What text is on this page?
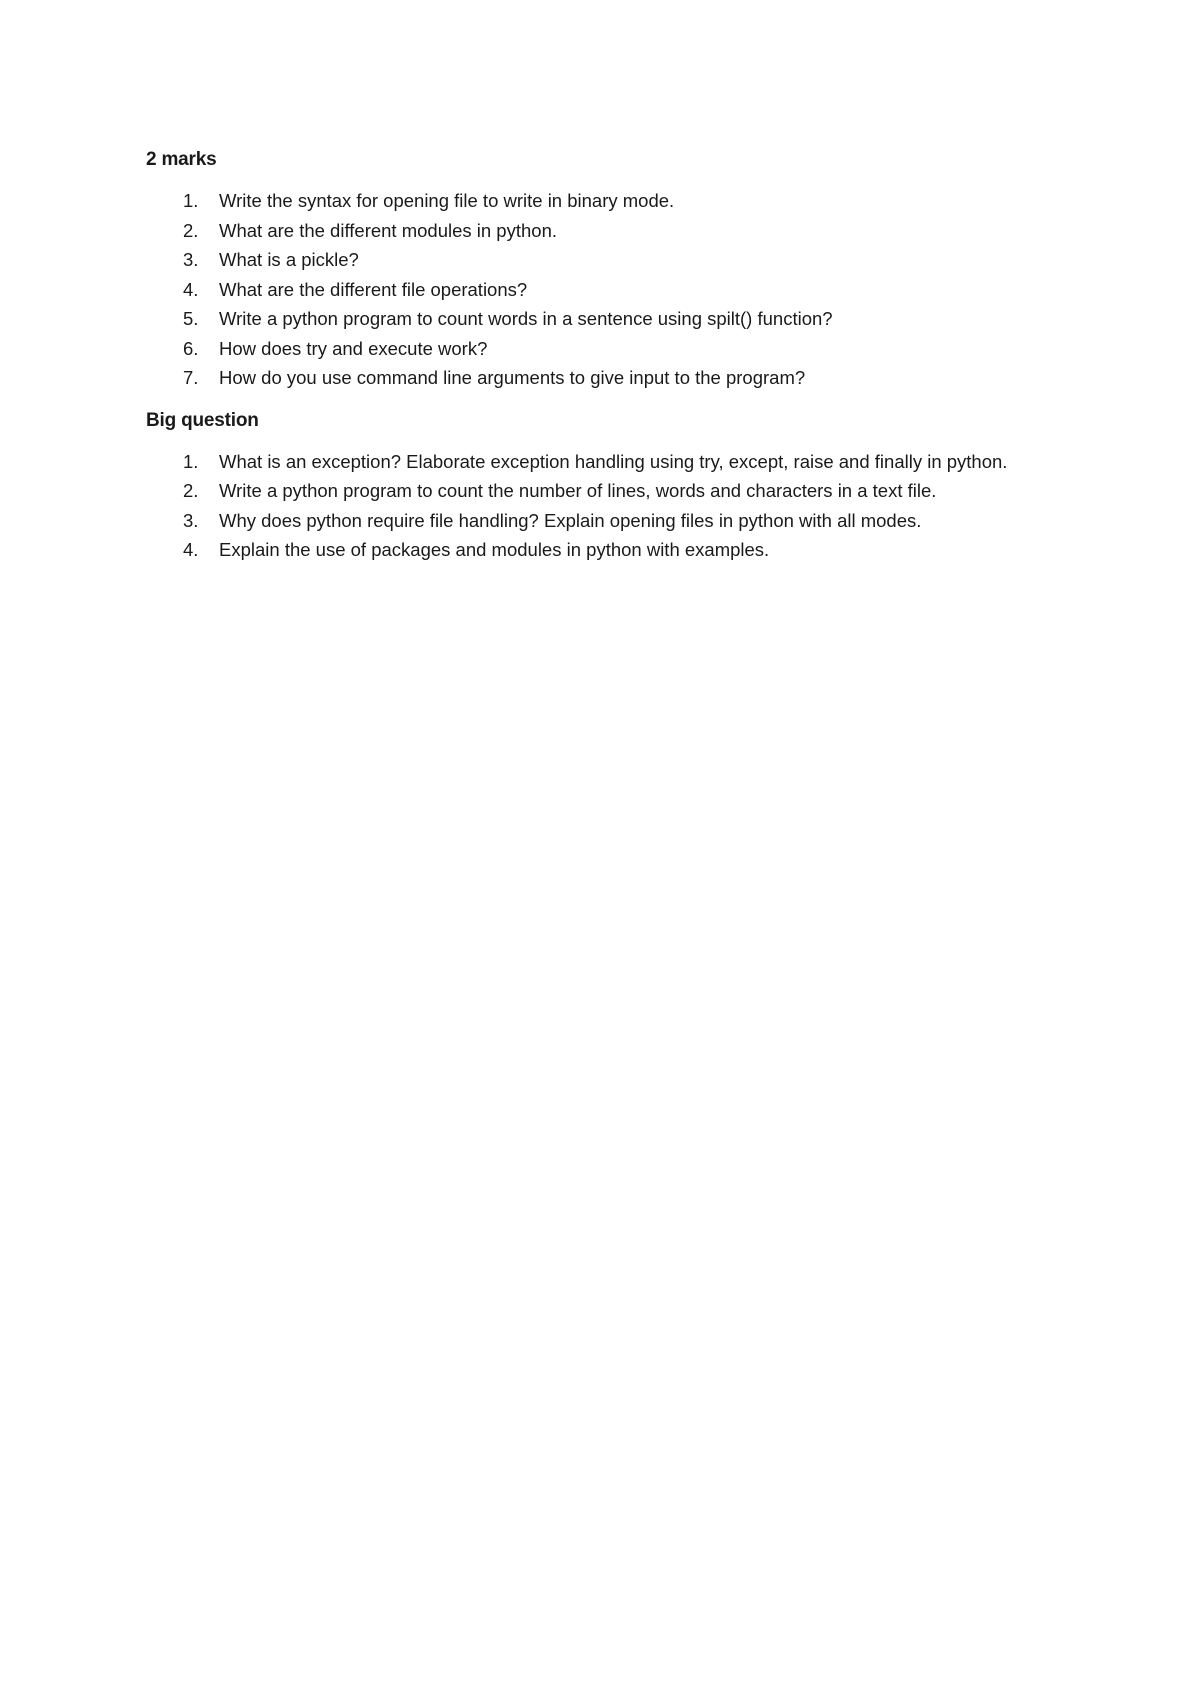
2 marks
1.	Write the syntax for opening file to write in binary mode.
2.	What are the different modules in python.
3.	What is a pickle?
4.	What are the different file operations?
5.	Write a python program to count words in a sentence using spilt() function?
6.	How does try and execute work?
7.	How do you use command line arguments to give input to the program?
Big question
1.	What is an exception? Elaborate exception handling using try, except, raise and finally in python.
2.	Write a python program to count the number of lines, words and characters in a text file.
3.	Why does python require file handling? Explain opening files in python with all modes.
4.	Explain the use of packages and modules in python with examples.
